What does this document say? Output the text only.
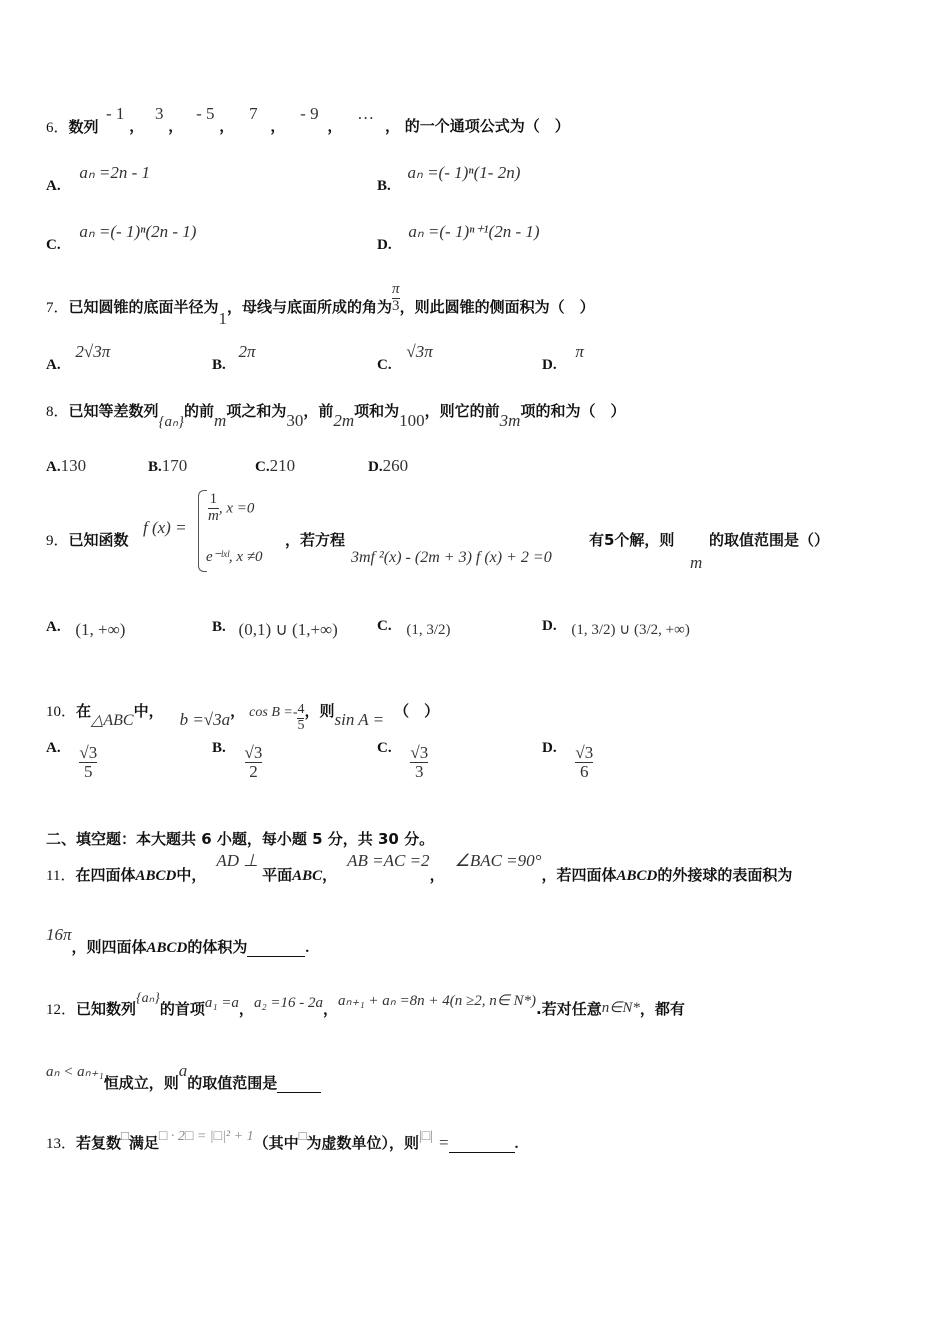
6．数列
- 1 ， 3 ， - 5 ， 7 ， - 9 ， … ， 的一个通项公式为（　）
A. aₙ =2n - 1
B. aₙ =(- 1)ⁿ(1- 2n)
C. aₙ =(- 1)ⁿ(2n - 1)
D. aₙ =(- 1)ⁿ⁺¹(2n - 1)
7．已知圆锥的底面半径为1，母线与底面所成的角为 $\frac{\pi}{3}$ ，则此圆锥的侧面积为（　）
A. 2√3π
B. 2π
C. √3π
D. π
8．已知等差数列{aₙ}的前m项之和为30，前2m项和为100，则它的前3m项的和为（　）
A.130	B.170	C.210	D.260
9．已知函数
f (x) =
$\frac{1}{m}$ , x =0
e⁻ˡˣˡ, x ≠0
，若方程
3mf ²(x) - (2m + 3) f (x) + 2 =0
有5个解，则
m
的取值范围是（）
A. (1, +∞)	B. (0,1) ∪ (1,+∞)	C. (1, 3/2)	D. (1, 3/2) ∪ (3/2, +∞)
10．在△ABC中， b =√3a， $\cos B =- \frac{4}{5}$ ，则sin A = （　）
A. $\frac{√3}{5}$	B. $\frac{√3}{2}$	C. $\frac{√3}{3}$	D. $\frac{√3}{6}$
二、填空题：本大题共 6 小题，每小题 5 分，共 30 分。
11．在四面体ABCD中，AD ⊥平面ABC，AB =AC =2，∠BAC =90°，若四面体ABCD的外接球的表面积为
16π，则四面体ABCD的体积为	.
12．已知数列{aₙ}的首项a₁ =a，a₂ =16 - 2a，aₙ₊₁ + aₙ =8n + 4(n ≥2, n∈ N*).若对任意n∈N*，都有
aₙ < aₙ₊₁恒成立，则a的取值范围是
13．若复数□满足□ · 2□ = |□|² + 1（其中□为虚数单位），则|□| =	.
